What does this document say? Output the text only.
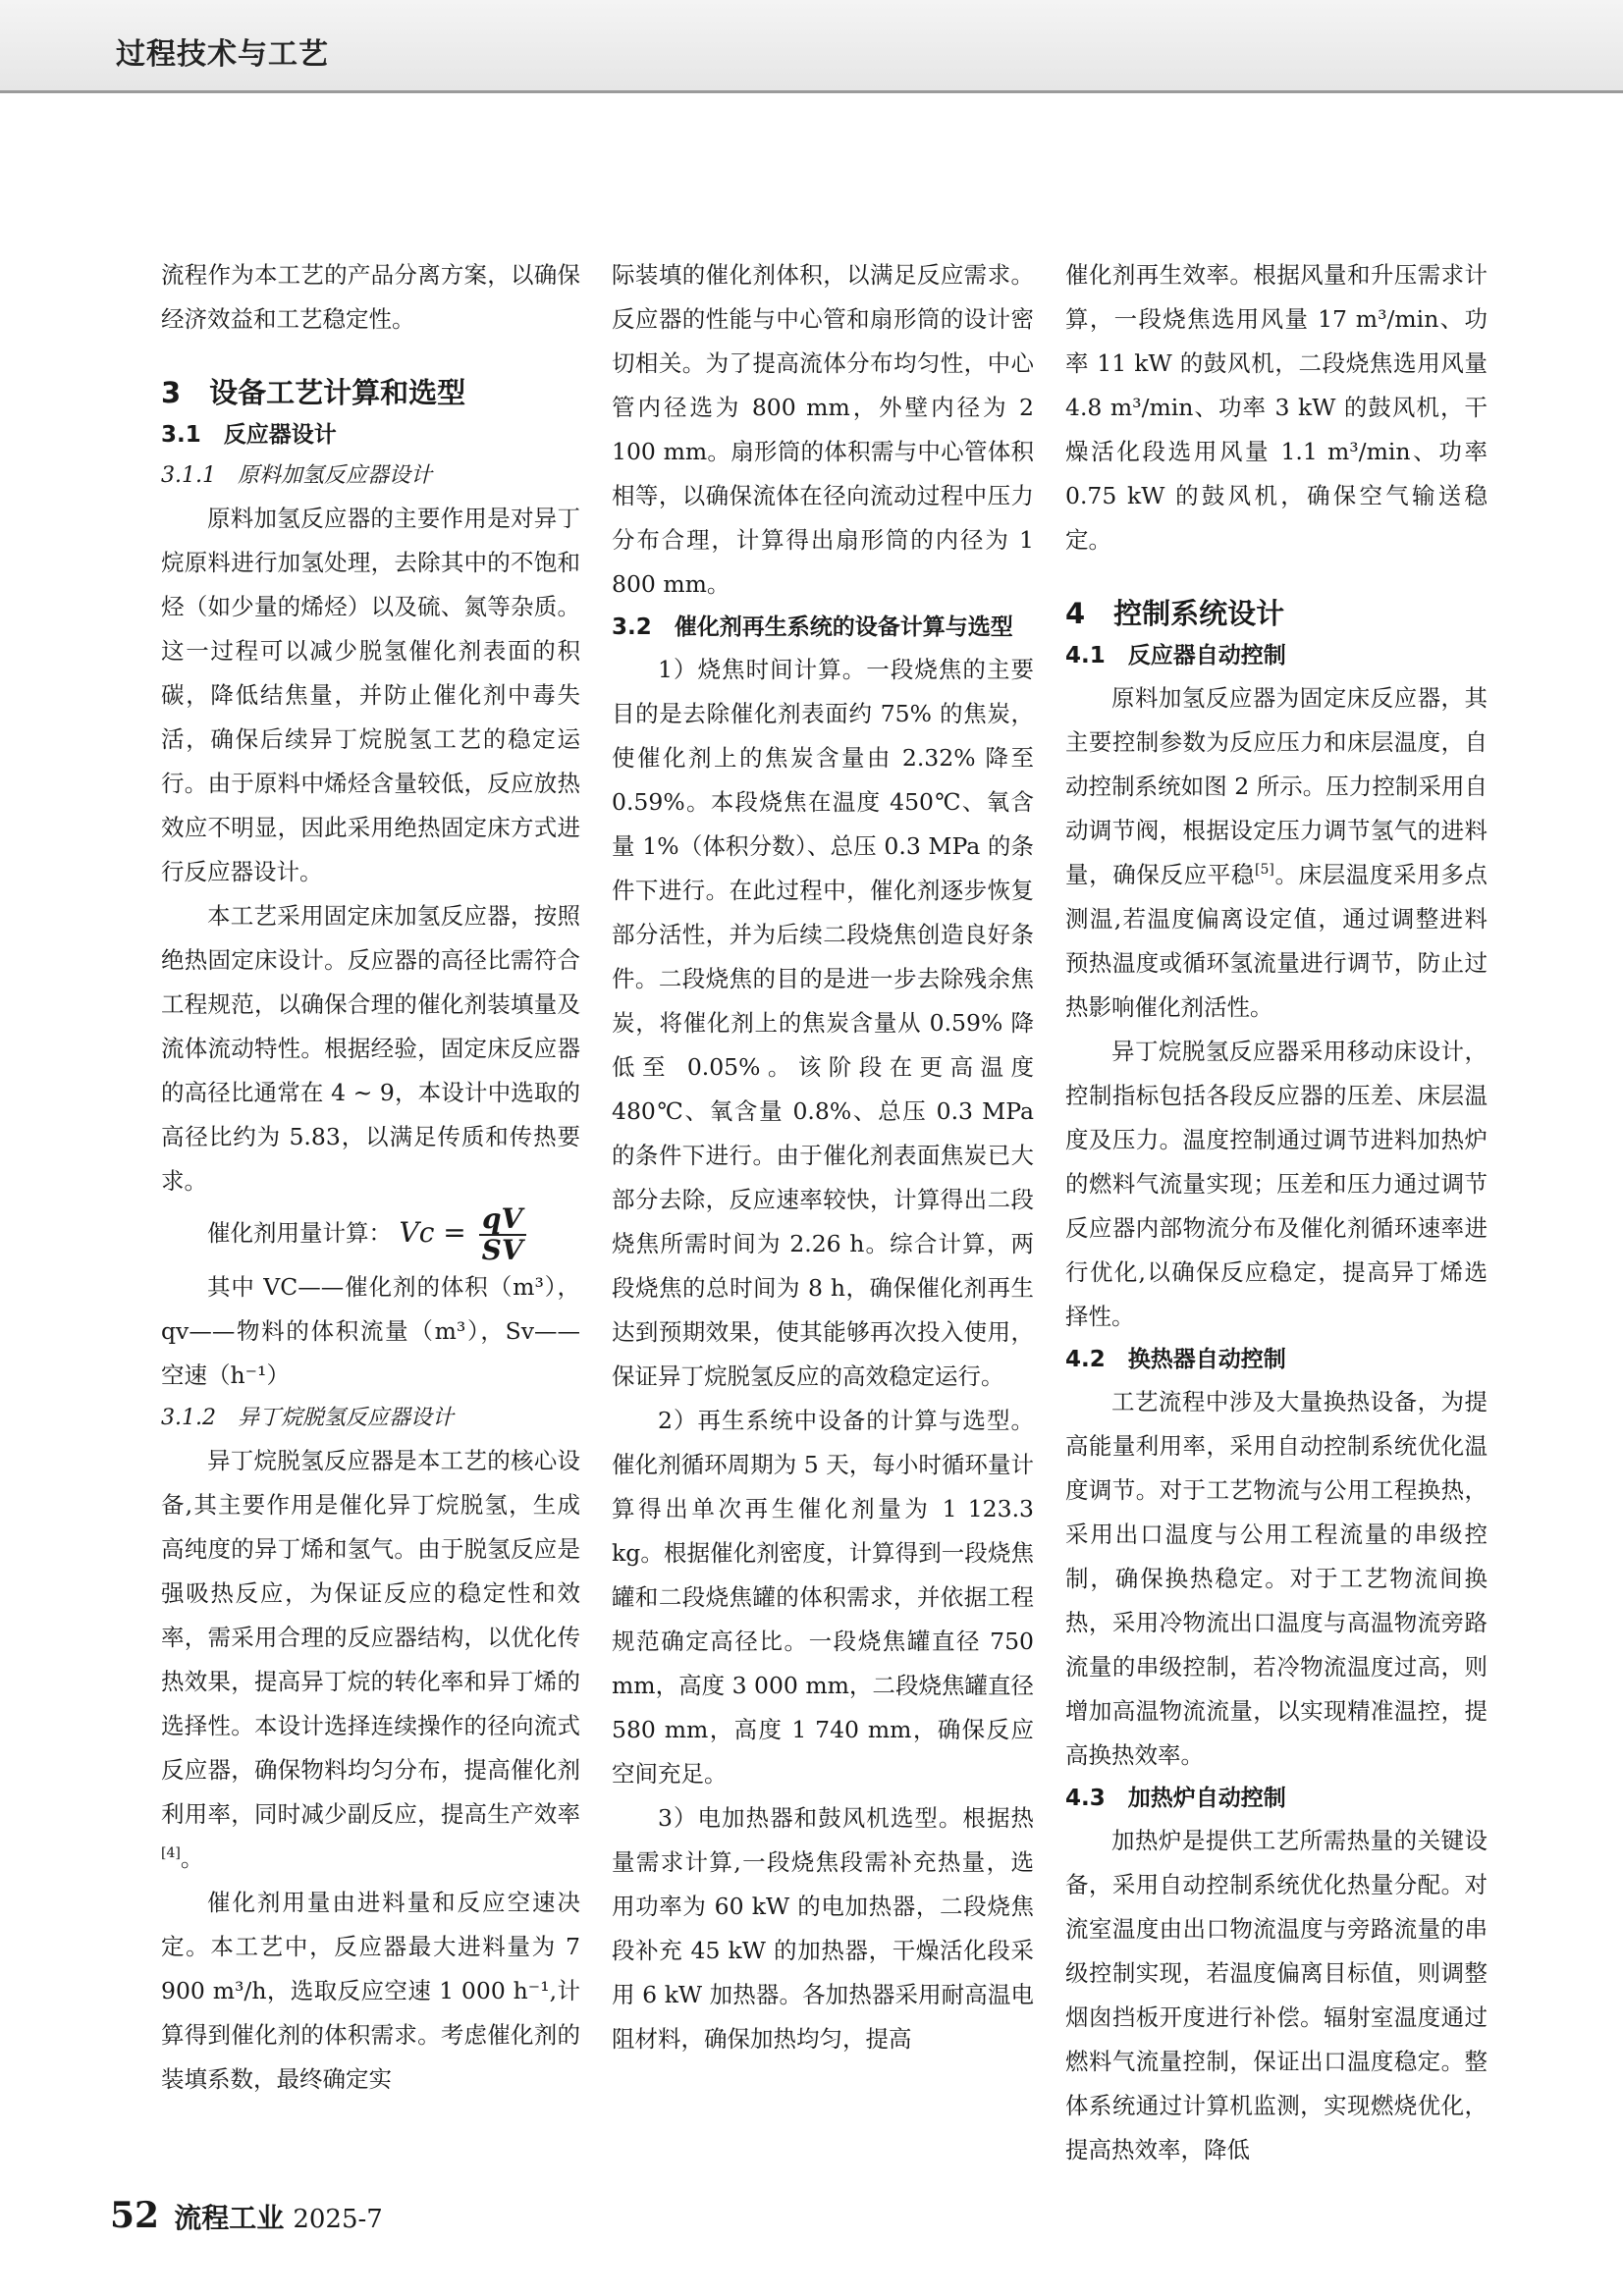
过程技术与工艺

流程作为本工艺的产品分离方案，以确保经济效益和工艺稳定性。

3　设备工艺计算和选型
3.1　反应器设计
3.1.1　原料加氢反应器设计

原料加氢反应器的主要作用是对异丁烷原料进行加氢处理，去除其中的不饱和烃（如少量的烯烃）以及硫、氮等杂质。这一过程可以减少脱氢催化剂表面的积碳，降低结焦量，并防止催化剂中毒失活，确保后续异丁烷脱氢工艺的稳定运行。由于原料中烯烃含量较低，反应放热效应不明显，因此采用绝热固定床方式进行反应器设计。

本工艺采用固定床加氢反应器，按照绝热固定床设计。反应器的高径比需符合工程规范，以确保合理的催化剂装填量及流体流动特性。根据经验，固定床反应器的高径比通常在 4 ~ 9，本设计中选取的高径比约为 5.83，以满足传质和传热要求。

催化剂用量计算： $Vc = \frac{qV}{SV}$

其中 VC——催化剂的体积（m³），qv——物料的体积流量（m³），Sv——空速（h⁻¹）

3.1.2　异丁烷脱氢反应器设计

异丁烷脱氢反应器是本工艺的核心设备,其主要作用是催化异丁烷脱氢，生成高纯度的异丁烯和氢气。由于脱氢反应是强吸热反应，为保证反应的稳定性和效率，需采用合理的反应器结构，以优化传热效果，提高异丁烷的转化率和异丁烯的选择性。本设计选择连续操作的径向流式反应器，确保物料均匀分布，提高催化剂利用率，同时减少副反应，提高生产效率[4]。

催化剂用量由进料量和反应空速决定。本工艺中，反应器最大进料量为 7 900 m³/h，选取反应空速 1 000 h⁻¹,计算得到催化剂的体积需求。考虑催化剂的装填系数，最终确定实

际装填的催化剂体积，以满足反应需求。反应器的性能与中心管和扇形筒的设计密切相关。为了提高流体分布均匀性，中心管内径选为 800 mm，外壁内径为 2 100 mm。扇形筒的体积需与中心管体积相等，以确保流体在径向流动过程中压力分布合理，计算得出扇形筒的内径为 1 800 mm。

3.2　催化剂再生系统的设备计算与选型

1）烧焦时间计算。一段烧焦的主要目的是去除催化剂表面约 75% 的焦炭，使催化剂上的焦炭含量由 2.32% 降至 0.59%。本段烧焦在温度 450℃、氧含量 1%（体积分数）、总压 0.3 MPa 的条件下进行。在此过程中，催化剂逐步恢复部分活性，并为后续二段烧焦创造良好条件。二段烧焦的目的是进一步去除残余焦炭，将催化剂上的焦炭含量从 0.59% 降低至 0.05%。该阶段在更高温度 480℃、氧含量 0.8%、总压 0.3 MPa 的条件下进行。由于催化剂表面焦炭已大部分去除，反应速率较快，计算得出二段烧焦所需时间为 2.26 h。综合计算，两段烧焦的总时间为 8 h，确保催化剂再生达到预期效果，使其能够再次投入使用，保证异丁烷脱氢反应的高效稳定运行。

2）再生系统中设备的计算与选型。催化剂循环周期为 5 天，每小时循环量计算得出单次再生催化剂量为 1 123.3 kg。根据催化剂密度，计算得到一段烧焦罐和二段烧焦罐的体积需求，并依据工程规范确定高径比。一段烧焦罐直径 750 mm，高度 3 000 mm，二段烧焦罐直径 580 mm，高度 1 740 mm，确保反应空间充足。

3）电加热器和鼓风机选型。根据热量需求计算,一段烧焦段需补充热量，选用功率为 60 kW 的电加热器，二段烧焦段补充 45 kW 的加热器，干燥活化段采用 6 kW 加热器。各加热器采用耐高温电阻材料，确保加热均匀，提高

催化剂再生效率。根据风量和升压需求计算，一段烧焦选用风量 17 m³/min、功率 11 kW 的鼓风机，二段烧焦选用风量 4.8 m³/min、功率 3 kW 的鼓风机，干燥活化段选用风量 1.1 m³/min、功率 0.75 kW 的鼓风机，确保空气输送稳定。

4　控制系统设计
4.1　反应器自动控制

原料加氢反应器为固定床反应器，其主要控制参数为反应压力和床层温度，自动控制系统如图 2 所示。压力控制采用自动调节阀，根据设定压力调节氢气的进料量，确保反应平稳[5]。床层温度采用多点测温,若温度偏离设定值，通过调整进料预热温度或循环氢流量进行调节，防止过热影响催化剂活性。

异丁烷脱氢反应器采用移动床设计，控制指标包括各段反应器的压差、床层温度及压力。温度控制通过调节进料加热炉的燃料气流量实现；压差和压力通过调节反应器内部物流分布及催化剂循环速率进行优化,以确保反应稳定，提高异丁烯选择性。

4.2　换热器自动控制

工艺流程中涉及大量换热设备，为提高能量利用率，采用自动控制系统优化温度调节。对于工艺物流与公用工程换热，采用出口温度与公用工程流量的串级控制，确保换热稳定。对于工艺物流间换热，采用冷物流出口温度与高温物流旁路流量的串级控制，若冷物流温度过高，则增加高温物流流量，以实现精准温控，提高换热效率。

4.3　加热炉自动控制

加热炉是提供工艺所需热量的关键设备，采用自动控制系统优化热量分配。对流室温度由出口物流温度与旁路流量的串级控制实现，若温度偏离目标值，则调整烟囱挡板开度进行补偿。辐射室温度通过燃料气流量控制，保证出口温度稳定。整体系统通过计算机监测，实现燃烧优化，提高热效率，降低

52 流程工业 2025-7
